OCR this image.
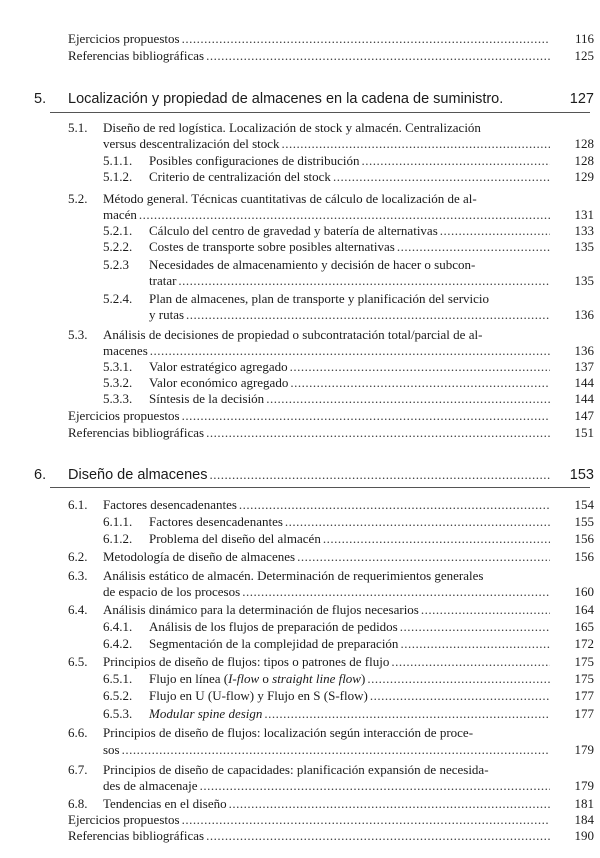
Ejercicios propuestos .....	116
Referencias bibliográficas .....	125
5. Localización y propiedad de almacenes en la cadena de suministro.	127
5.1. Diseño de red logística. Localización de stock y almacén. Centralización
versus descentralización del stock .....	128
5.1.1. Posibles configuraciones de distribución .....	128
5.1.2. Criterio de centralización del stock .....	129
5.2. Método general. Técnicas cuantitativas de cálculo de localización de al-
macén .....	131
5.2.1. Cálculo del centro de gravedad y batería de alternativas .....	133
5.2.2. Costes de transporte sobre posibles alternativas .....	135
5.2.3 Necesidades de almacenamiento y decisión de hacer o subcon-
tratar .....	135
5.2.4. Plan de almacenes, plan de transporte y planificación del servicio
y rutas .....	136
5.3. Análisis de decisiones de propiedad o subcontratación total/parcial de al-
macenes .....	136
5.3.1. Valor estratégico agregado .....	137
5.3.2. Valor económico agregado .....	144
5.3.3. Síntesis de la decisión .....	144
Ejercicios propuestos .....	147
Referencias bibliográficas .....	151
6. Diseño de almacenes .....	153
6.1. Factores desencadenantes .....	154
6.1.1. Factores desencadenantes .....	155
6.1.2. Problema del diseño del almacén .....	156
6.2. Metodología de diseño de almacenes .....	156
6.3. Análisis estático de almacén. Determinación de requerimientos generales
de espacio de los procesos .....	160
6.4. Análisis dinámico para la determinación de flujos necesarios .....	164
6.4.1. Análisis de los flujos de preparación de pedidos .....	165
6.4.2. Segmentación de la complejidad de preparación .....	172
6.5. Principios de diseño de flujos: tipos o patrones de flujo .....	175
6.5.1. Flujo en línea (I-flow o straight line flow) .....	175
6.5.2. Flujo en U (U-flow) y Flujo en S (S-flow) .....	177
6.5.3. Modular spine design .....	177
6.6. Principios de diseño de flujos: localización según interacción de proce-
sos .....	179
6.7. Principios de diseño de capacidades: planificación expansión de necesida-
des de almacenaje .....	179
6.8. Tendencias en el diseño .....	181
Ejercicios propuestos .....	184
Referencias bibliográficas .....	190
